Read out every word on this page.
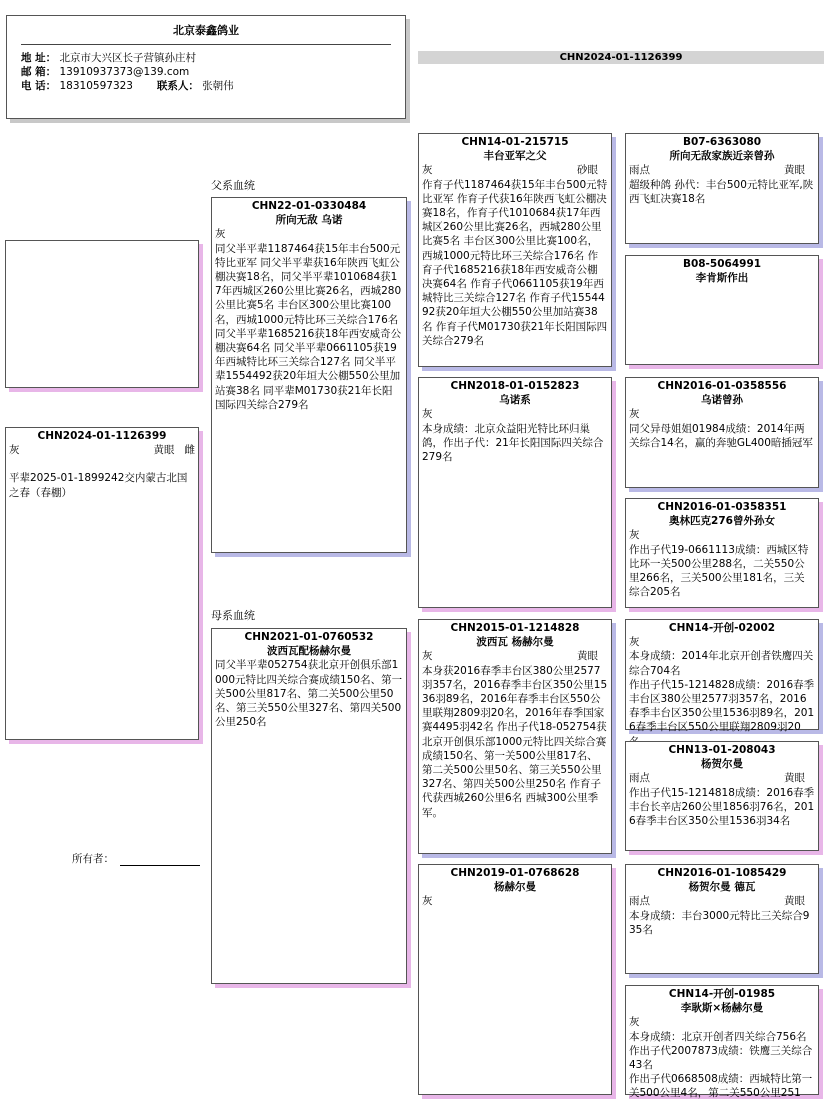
北京泰鑫鸽业
地 址： 北京市大兴区长子营镇孙庄村
邮 箱： 13910937373@139.com
电 话： 18310597323 联系人： 张朝伟
CHN2024-01-1126399
CHN2024-01-1126399
灰	黄眼 雌
平辈2025-01-1899242交内蒙古北国之春（春棚）
父系血统
母系血统
所有者：
CHN22-01-0330484
所向无敌 乌诺
灰
同父半平辈1187464获15年丰台500元特比亚军 同父半平辈获16年陕西飞虹公棚决赛18名，同父半平辈1010684获17年西城区260公里比赛26名，西城280公里比赛5名 丰台区300公里比赛100名，西城1000元特比环三关综合176名 同父半平辈1685216获18年西安威奇公棚决赛64名 同父半平辈0661105获19年西城特比环三关综合127名 同父半平辈1554492获20年垣大公棚550公里加站赛38名 同平辈M01730获21年长阳国际四关综合279名
CHN2021-01-0760532
波西瓦配杨赫尔曼
同父半平辈052754获北京开创俱乐部1000元特比四关综合赛成绩150名、第一关500公里817名、第二关500公里50名、第三关550公里327名、第四关500公里250名
CHN14-01-215715
丰台亚军之父
灰	砂眼
作育子代1187464获15年丰台500元特比亚军 作育子代获16年陕西飞虹公棚决赛18名，作育子代1010684获17年西城区260公里比赛26名，西城280公里比赛5名 丰台区300公里比赛100名，西城1000元特比环三关综合176名 作育子代1685216获18年西安威奇公棚决赛64名 作育子代0661105获19年西城特比三关综合127名 作育子代1554492获20年垣大公棚550公里加站赛38名 作育子代M01730获21年长阳国际四关综合279名
CHN2018-01-0152823
乌诺系
灰
本身成绩：北京众益阳光特比环归巢鸽，作出子代：21年长阳国际四关综合279名
CHN2015-01-1214828
波西瓦 杨赫尔曼
灰	黄眼
本身获2016春季丰台区380公里2577羽357名，2016春季丰台区350公里1536羽89名，2016年春季丰台区550公里联翔2809羽20名，2016年春季国家赛4495羽42名 作出子代18-052754获北京开创俱乐部1000元特比四关综合赛成绩150名、第一关500公里817名、第二关500公里50名、第三关550公里327名、第四关500公里250名 作育子代获西城260公里6名 西城300公里季军。
CHN2019-01-0768628
杨赫尔曼
灰
B07-6363080
所向无敌家族近亲曾孙
雨点	黄眼
超级种鸽 孙代：丰台500元特比亚军,陕西飞虹决赛18名
B08-5064991
李肯斯作出
CHN2016-01-0358556
乌诺曾孙
灰
同父异母姐姐01984成绩：2014年两关综合14名，赢的奔驰GL400暗插冠军
CHN2016-01-0358351
奥林匹克276曾外孙女
灰
作出子代19-0661113成绩：西城区特比环一关500公里288名，二关550公里266名，三关500公里181名，三关综合205名
CHN14-开创-02002
灰
本身成绩：2014年北京开创者铁鹰四关综合704名
作出子代15-1214828成绩：2016春季丰台区380公里2577羽357名，2016春季丰台区350公里1536羽89名，2016春季丰台区550公里联翔2809羽20
CHN13-01-208043
杨贺尔曼
雨点	黄眼
作出子代15-1214818成绩：2016春季丰台长辛店260公里1856羽76名，2016春季丰台区350公里1536羽34名
CHN2016-01-1085429
杨贺尔曼 德瓦
雨点	黄眼
本身成绩：丰台3000元特比三关综合935名
CHN14-开创-01985
李耿斯×杨赫尔曼
灰
本身成绩：北京开创者四关综合756名
作出子代2007873成绩：铁鹰三关综合43名
作出子代0668508成绩：西城特比第一关500公里4名，第二关550公里251
